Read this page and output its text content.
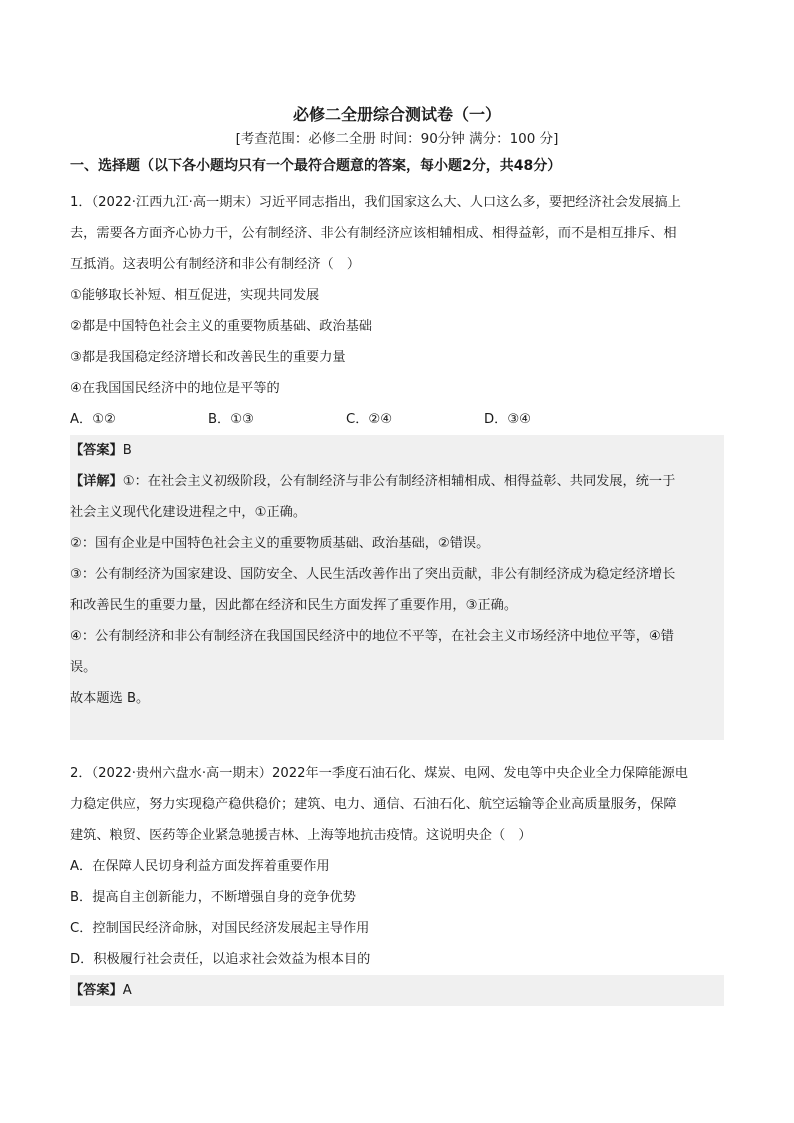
必修二全册综合测试卷（一）
[考查范围：必修二全册 时间：90分钟 满分：100 分]
一、选择题（以下各小题均只有一个最符合题意的答案，每小题2分，共48分）
1．（2022·江西九江·高一期末）习近平同志指出，我们国家这么大、人口这么多，要把经济社会发展搞上
去，需要各方面齐心协力干，公有制经济、非公有制经济应该相辅相成、相得益彰，而不是相互排斥、相
互抵消。这表明公有制经济和非公有制经济（　）
①能够取长补短、相互促进，实现共同发展
②都是中国特色社会主义的重要物质基础、政治基础
③都是我国稳定经济增长和改善民生的重要力量
④在我国国民经济中的地位是平等的
A．①②	B．①③	C．②④	D．③④
【答案】B
【详解】①：在社会主义初级阶段，公有制经济与非公有制经济相辅相成、相得益彰、共同发展，统一于
社会主义现代化建设进程之中，①正确。
②：国有企业是中国特色社会主义的重要物质基础、政治基础，②错误。
③：公有制经济为国家建设、国防安全、人民生活改善作出了突出贡献，非公有制经济成为稳定经济增长
和改善民生的重要力量，因此都在经济和民生方面发挥了重要作用，③正确。
④：公有制经济和非公有制经济在我国国民经济中的地位不平等，在社会主义市场经济中地位平等，④错
误。
故本题选 B。
2．（2022·贵州六盘水·高一期末）2022年一季度石油石化、煤炭、电网、发电等中央企业全力保障能源电
力稳定供应，努力实现稳产稳供稳价；建筑、电力、通信、石油石化、航空运输等企业高质量服务，保障
建筑、粮贸、医药等企业紧急驰援吉林、上海等地抗击疫情。这说明央企（　）
A．在保障人民切身利益方面发挥着重要作用
B．提高自主创新能力，不断增强自身的竞争优势
C．控制国民经济命脉，对国民经济发展起主导作用
D．积极履行社会责任，以追求社会效益为根本目的
【答案】A
